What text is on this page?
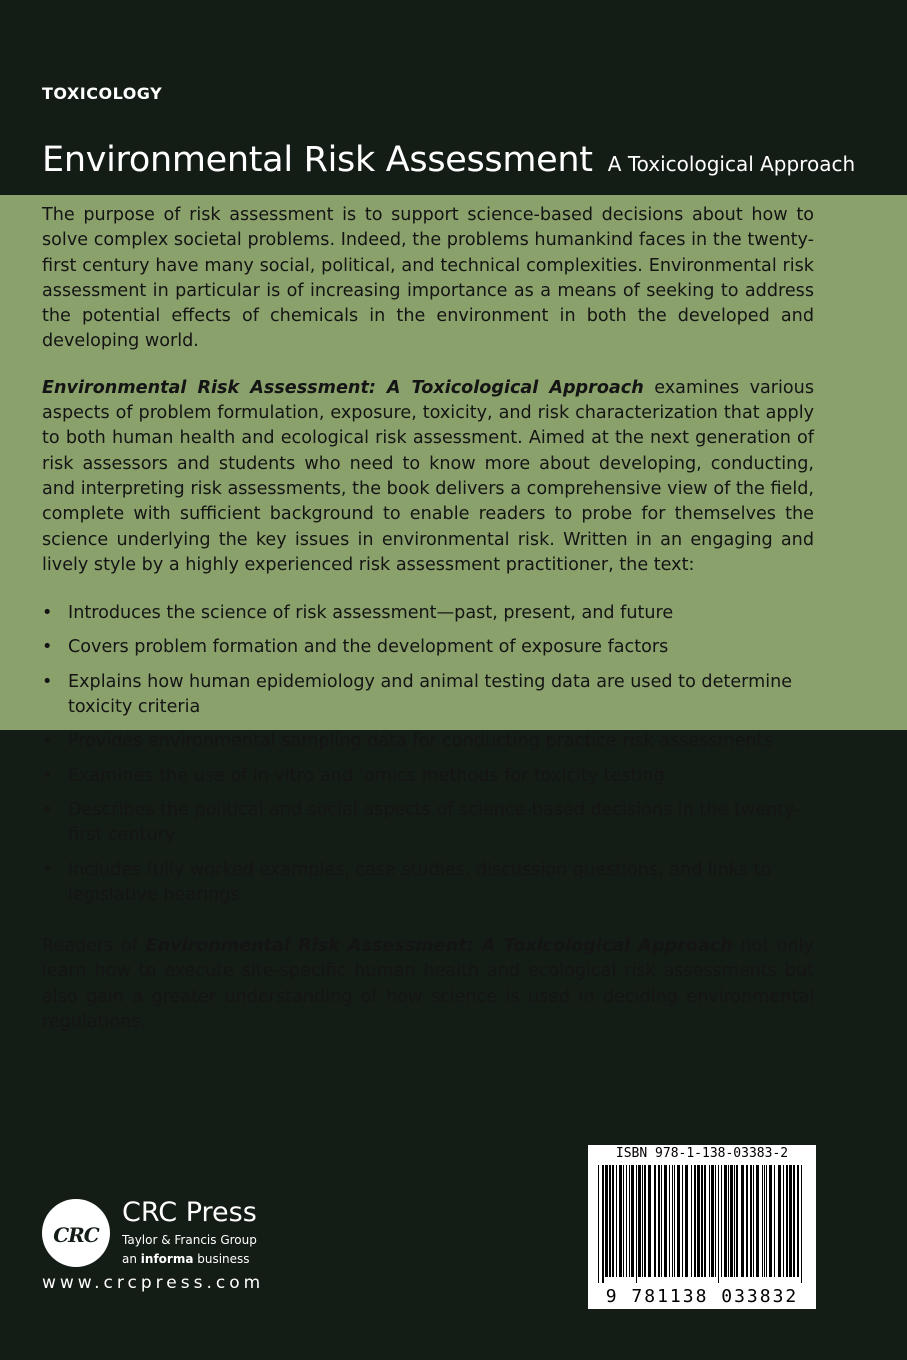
TOXICOLOGY
Environmental Risk Assessment A Toxicological Approach

The purpose of risk assessment is to support science-based decisions about how to solve complex societal problems. Indeed, the problems humankind faces in the twenty-first century have many social, political, and technical complexities. Environmental risk assessment in particular is of increasing importance as a means of seeking to address the potential effects of chemicals in the environment in both the developed and developing world.

Environmental Risk Assessment: A Toxicological Approach examines various aspects of problem formulation, exposure, toxicity, and risk characterization that apply to both human health and ecological risk assessment. Aimed at the next generation of risk assessors and students who need to know more about developing, conducting, and interpreting risk assessments, the book delivers a comprehensive view of the field, complete with sufficient background to enable readers to probe for themselves the science underlying the key issues in environmental risk. Written in an engaging and lively style by a highly experienced risk assessment practitioner, the text:

• Introduces the science of risk assessment—past, present, and future
• Covers problem formation and the development of exposure factors
• Explains how human epidemiology and animal testing data are used to determine toxicity criteria
• Provides environmental sampling data for conducting practice risk assessments
• Examines the use of in vitro and ’omics methods for toxicity testing
• Describes the political and social aspects of science-based decisions in the twenty-first century
• Includes fully worked examples, case studies, discussion questions, and links to legislative hearings

Readers of Environmental Risk Assessment: A Toxicological Approach not only learn how to execute site-specific human health and ecological risk assessments but also gain a greater understanding of how science is used in deciding environmental regulations.

CRC
CRC Press
Taylor & Francis Group
an informa business
www.crcpress.com
ISBN 978-1-138-03383-2
9 781138 033832
